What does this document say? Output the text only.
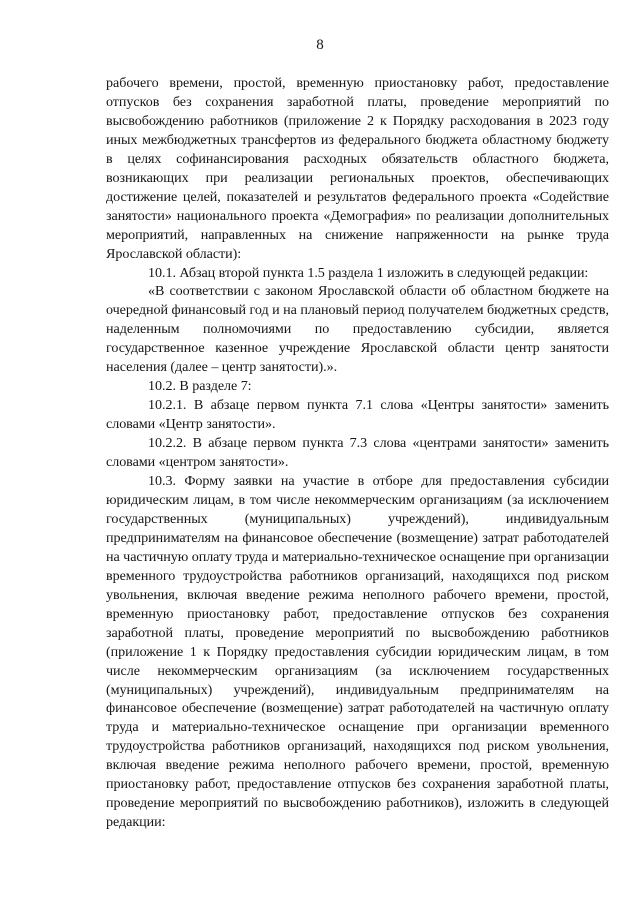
8

рабочего времени, простой, временную приостановку работ, предоставление отпусков без сохранения заработной платы, проведение мероприятий по высвобождению работников (приложение 2 к Порядку расходования в 2023 году иных межбюджетных трансфертов из федерального бюджета областному бюджету в целях софинансирования расходных обязательств областного бюджета, возникающих при реализации региональных проектов, обеспечивающих достижение целей, показателей и результатов федерального проекта «Содействие занятости» национального проекта «Демография» по реализации дополнительных мероприятий, направленных на снижение напряженности на рынке труда Ярославской области):

10.1. Абзац второй пункта 1.5 раздела 1 изложить в следующей редакции:

«В соответствии с законом Ярославской области об областном бюджете на очередной финансовый год и на плановый период получателем бюджетных средств, наделенным полномочиями по предоставлению субсидии, является государственное казенное учреждение Ярославской области центр занятости населения (далее – центр занятости).».

10.2. В разделе 7:

10.2.1. В абзаце первом пункта 7.1 слова «Центры занятости» заменить словами «Центр занятости».

10.2.2. В абзаце первом пункта 7.3 слова «центрами занятости» заменить словами «центром занятости».

10.3. Форму заявки на участие в отборе для предоставления субсидии юридическим лицам, в том числе некоммерческим организациям (за исключением государственных (муниципальных) учреждений), индивидуальным предпринимателям на финансовое обеспечение (возмещение) затрат работодателей на частичную оплату труда и материально-техническое оснащение при организации временного трудоустройства работников организаций, находящихся под риском увольнения, включая введение режима неполного рабочего времени, простой, временную приостановку работ, предоставление отпусков без сохранения заработной платы, проведение мероприятий по высвобождению работников (приложение 1 к Порядку предоставления субсидии юридическим лицам, в том числе некоммерческим организациям (за исключением государственных (муниципальных) учреждений), индивидуальным предпринимателям на финансовое обеспечение (возмещение) затрат работодателей на частичную оплату труда и материально-техническое оснащение при организации временного трудоустройства работников организаций, находящихся под риском увольнения, включая введение режима неполного рабочего времени, простой, временную приостановку работ, предоставление отпусков без сохранения заработной платы, проведение мероприятий по высвобождению работников), изложить в следующей редакции:
